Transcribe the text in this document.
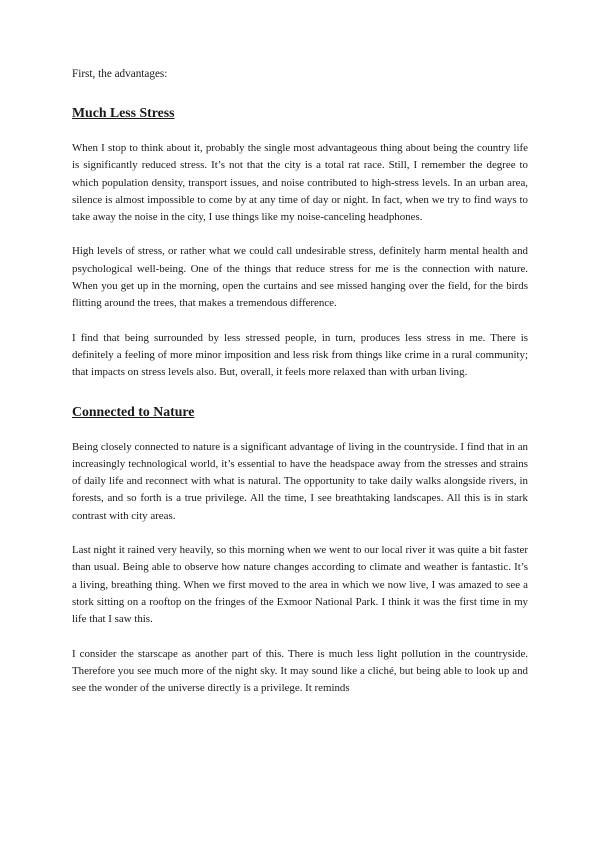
First, the advantages:

Much Less Stress

When I stop to think about it, probably the single most advantageous thing about being the country life is significantly reduced stress. It’s not that the city is a total rat race. Still, I remember the degree to which population density, transport issues, and noise contributed to high-stress levels. In an urban area, silence is almost impossible to come by at any time of day or night. In fact, when we try to find ways to take away the noise in the city, I use things like my noise-canceling headphones.

High levels of stress, or rather what we could call undesirable stress, definitely harm mental health and psychological well-being. One of the things that reduce stress for me is the connection with nature. When you get up in the morning, open the curtains and see missed hanging over the field, for the birds flitting around the trees, that makes a tremendous difference.

I find that being surrounded by less stressed people, in turn, produces less stress in me. There is definitely a feeling of more minor imposition and less risk from things like crime in a rural community; that impacts on stress levels also. But, overall, it feels more relaxed than with urban living.

Connected to Nature

Being closely connected to nature is a significant advantage of living in the countryside. I find that in an increasingly technological world, it’s essential to have the headspace away from the stresses and strains of daily life and reconnect with what is natural. The opportunity to take daily walks alongside rivers, in forests, and so forth is a true privilege. All the time, I see breathtaking landscapes. All this is in stark contrast with city areas.

Last night it rained very heavily, so this morning when we went to our local river it was quite a bit faster than usual. Being able to observe how nature changes according to climate and weather is fantastic. It’s a living, breathing thing. When we first moved to the area in which we now live, I was amazed to see a stork sitting on a rooftop on the fringes of the Exmoor National Park. I think it was the first time in my life that I saw this.

I consider the starscape as another part of this. There is much less light pollution in the countryside. Therefore you see much more of the night sky. It may sound like a cliché, but being able to look up and see the wonder of the universe directly is a privilege. It reminds
